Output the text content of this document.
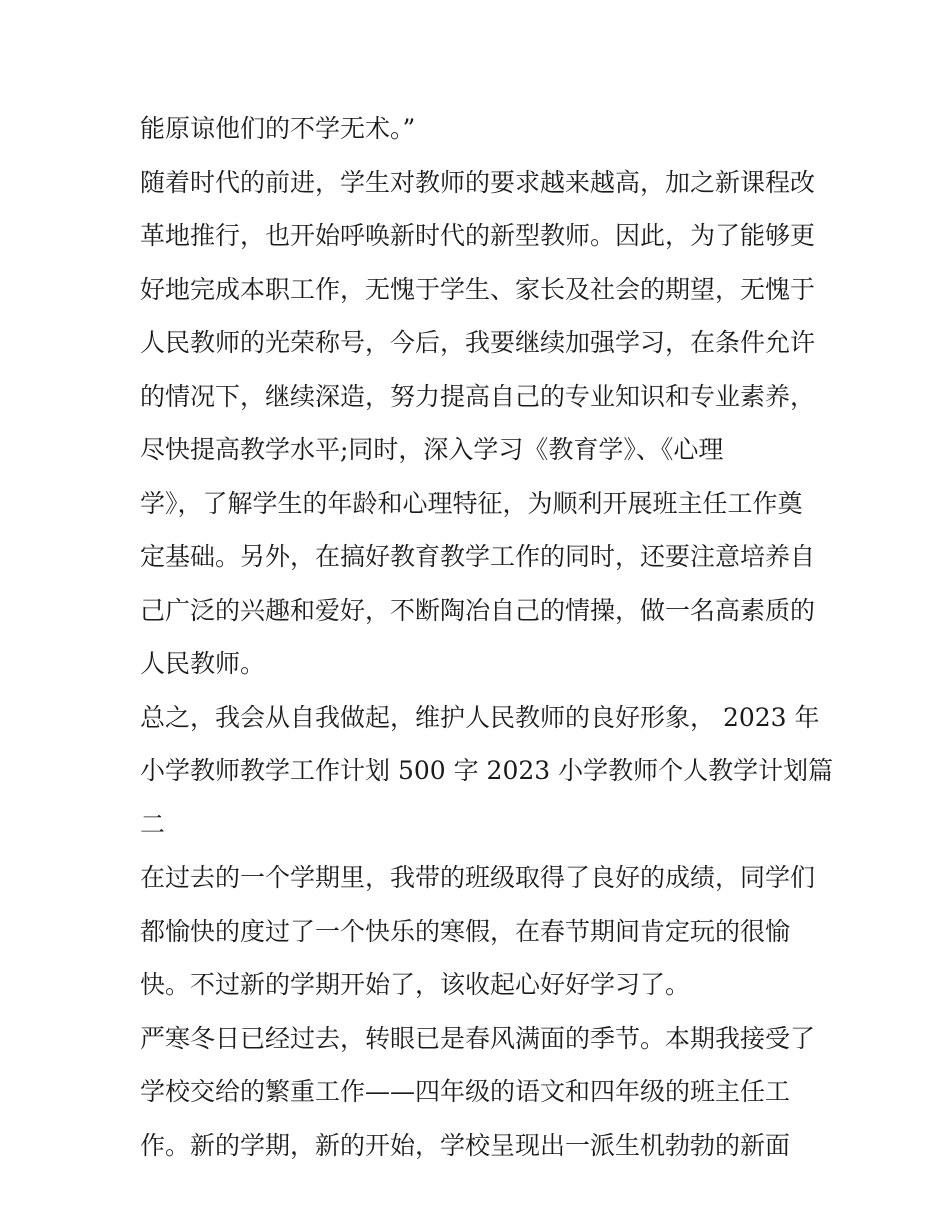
能原谅他们的不学无术。”
随着时代的前进，学生对教师的要求越来越高，加之新课程改
革地推行，也开始呼唤新时代的新型教师。因此，为了能够更
好地完成本职工作，无愧于学生、家长及社会的期望，无愧于
人民教师的光荣称号，今后，我要继续加强学习，在条件允许
的情况下，继续深造，努力提高自己的专业知识和专业素养，
尽快提高教学水平;同时，深入学习《教育学》、《心理
学》，了解学生的年龄和心理特征，为顺利开展班主任工作奠
定基础。另外，在搞好教育教学工作的同时，还要注意培养自
己广泛的兴趣和爱好，不断陶冶自己的情操，做一名高素质的
人民教师。
总之，我会从自我做起，维护人民教师的良好形象， 2023 年
小学教师教学工作计划 500 字 2023 小学教师个人教学计划篇
二
在过去的一个学期里，我带的班级取得了良好的成绩，同学们
都愉快的度过了一个快乐的寒假，在春节期间肯定玩的很愉
快。不过新的学期开始了，该收起心好好学习了。
严寒冬日已经过去，转眼已是春风满面的季节。本期我接受了
学校交给的繁重工作——四年级的语文和四年级的班主任工
作。新的学期，新的开始，学校呈现出一派生机勃勃的新面
